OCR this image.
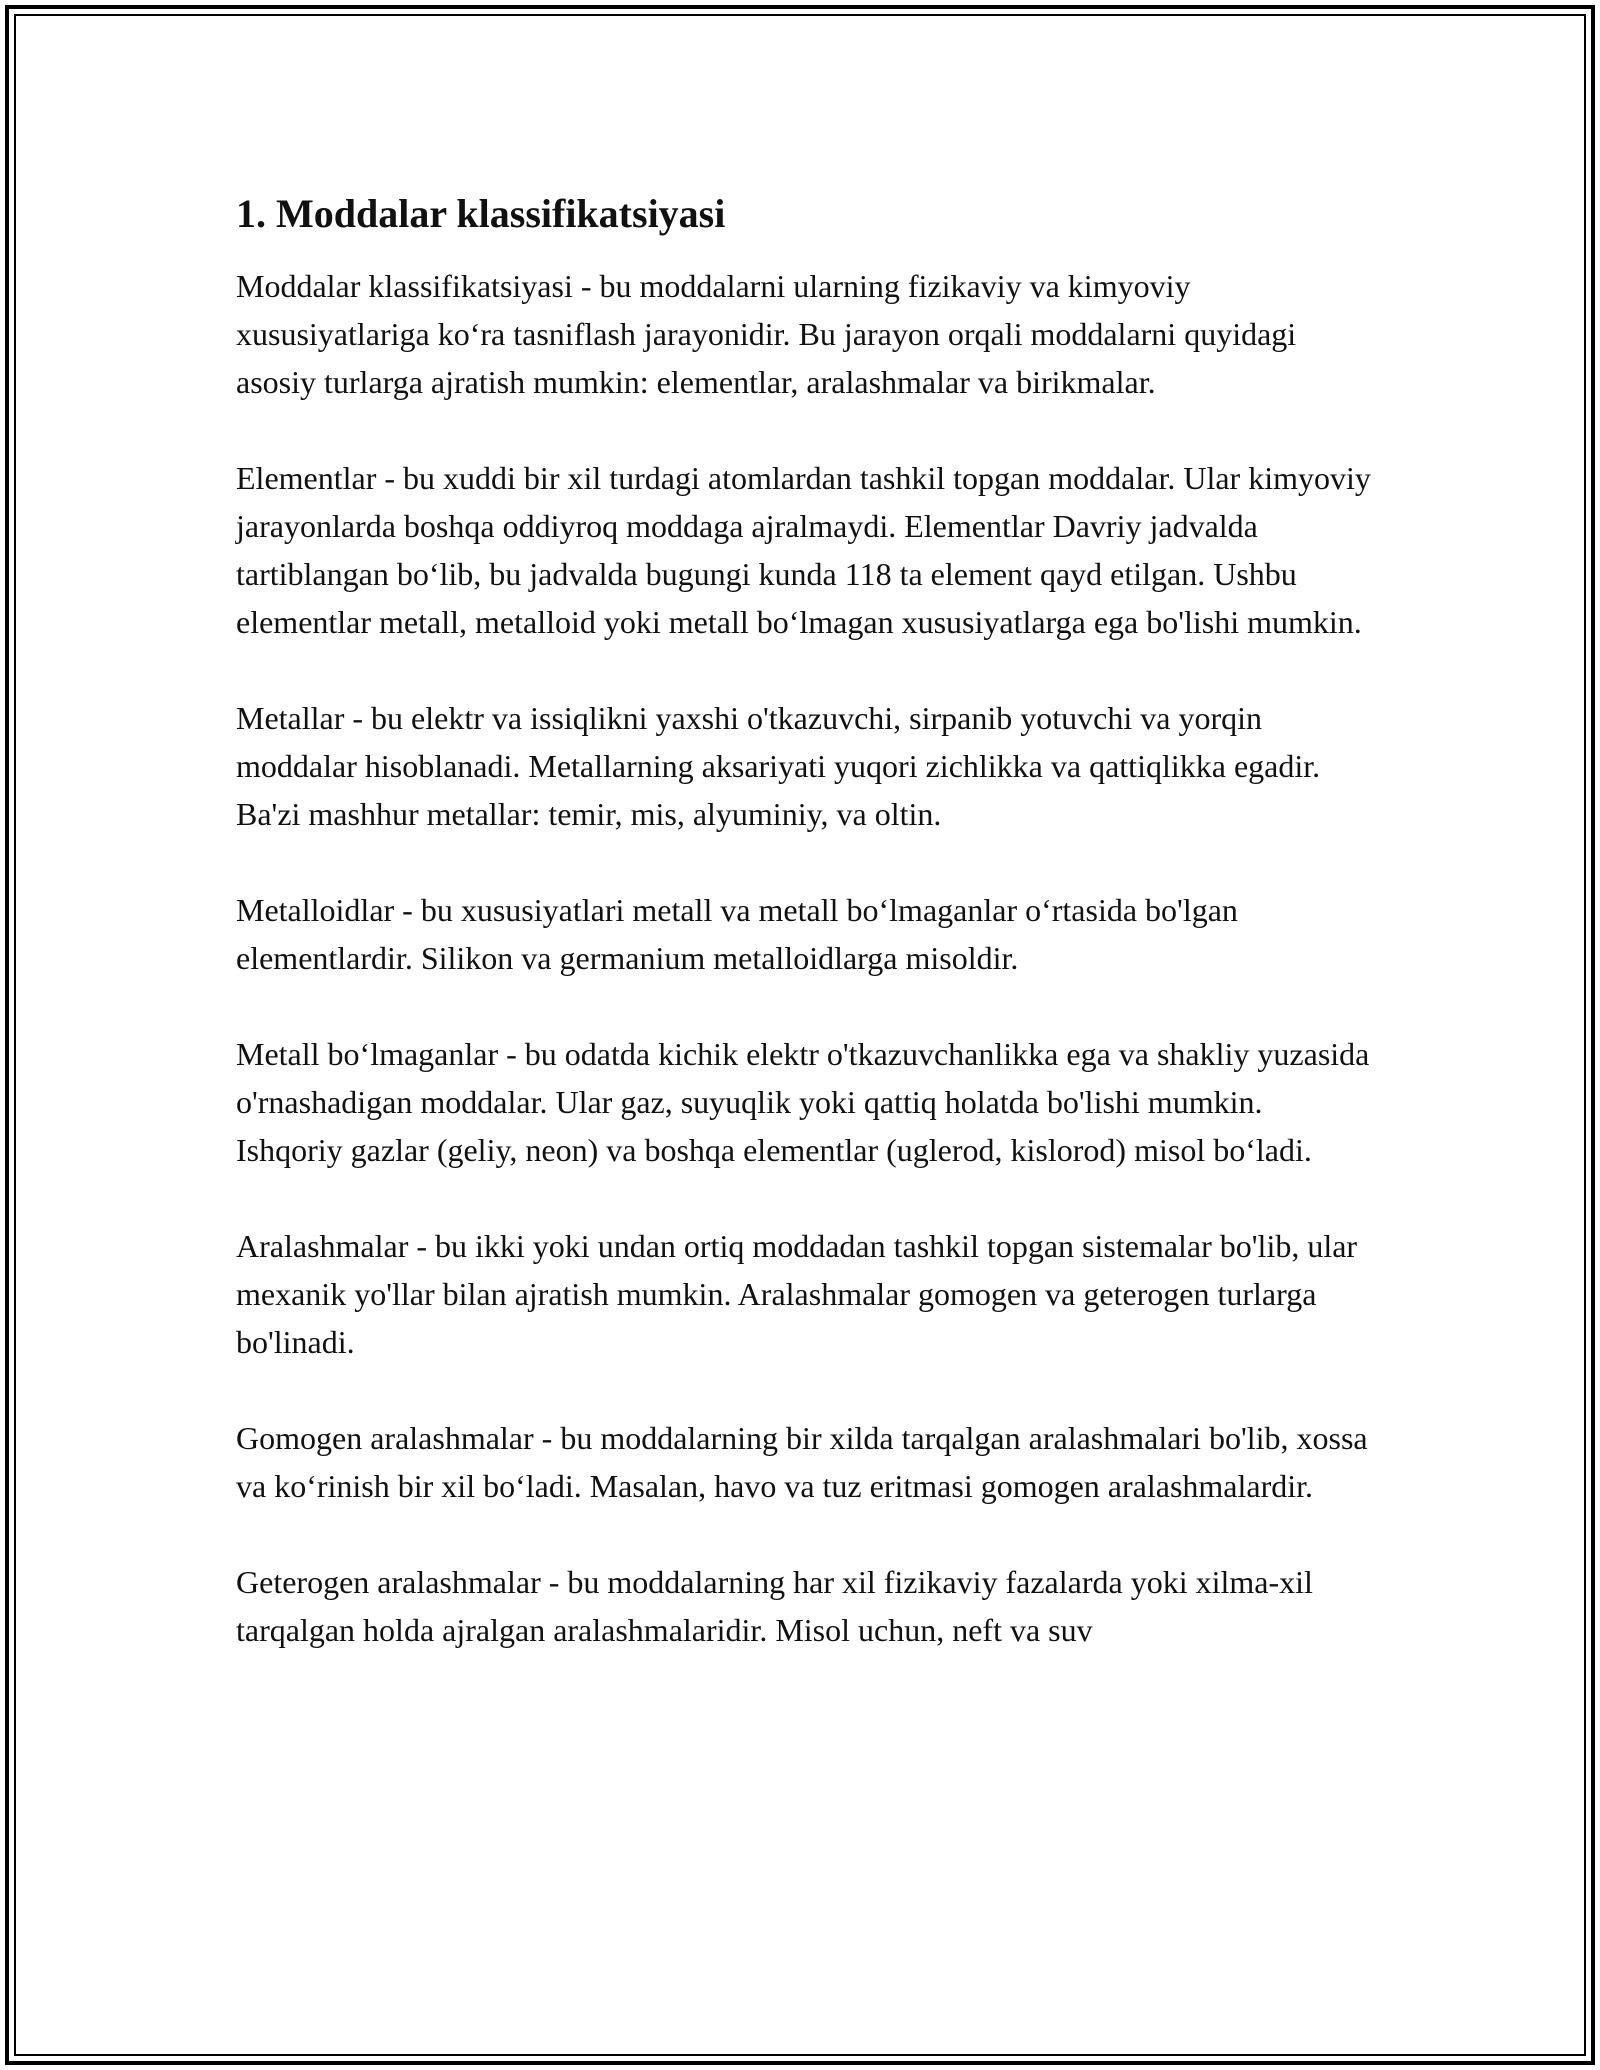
1. Moddalar klassifikatsiyasi

Moddalar klassifikatsiyasi - bu moddalarni ularning fizikaviy va kimyoviy xususiyatlariga ko‘ra tasniflash jarayonidir. Bu jarayon orqali moddalarni quyidagi asosiy turlarga ajratish mumkin: elementlar, aralashmalar va birikmalar.

Elementlar - bu xuddi bir xil turdagi atomlardan tashkil topgan moddalar. Ular kimyoviy jarayonlarda boshqa oddiyroq moddaga ajralmaydi. Elementlar Davriy jadvalda tartiblangan bo‘lib, bu jadvalda bugungi kunda 118 ta element qayd etilgan. Ushbu elementlar metall, metalloid yoki metall bo‘lmagan xususiyatlarga ega bo'lishi mumkin.

Metallar - bu elektr va issiqlikni yaxshi o'tkazuvchi, sirpanib yotuvchi va yorqin moddalar hisoblanadi. Metallarning aksariyati yuqori zichlikka va qattiqlikka egadir. Ba'zi mashhur metallar: temir, mis, alyuminiy, va oltin.

Metalloidlar - bu xususiyatlari metall va metall bo‘lmaganlar o‘rtasida bo'lgan elementlardir. Silikon va germanium metalloidlarga misoldir.

Metall bo‘lmaganlar - bu odatda kichik elektr o'tkazuvchanlikka ega va shakliy yuzasida o'rnashadigan moddalar. Ular gaz, suyuqlik yoki qattiq holatda bo'lishi mumkin. Ishqoriy gazlar (geliy, neon) va boshqa elementlar (uglerod, kislorod) misol bo‘ladi.

Aralashmalar - bu ikki yoki undan ortiq moddadan tashkil topgan sistemalar bo'lib, ular mexanik yo'llar bilan ajratish mumkin. Aralashmalar gomogen va geterogen turlarga bo'linadi.

Gomogen aralashmalar - bu moddalarning bir xilda tarqalgan aralashmalari bo'lib, xossa va ko‘rinish bir xil bo‘ladi. Masalan, havo va tuz eritmasi gomogen aralashmalardir.

Geterogen aralashmalar - bu moddalarning har xil fizikaviy fazalarda yoki xilma-xil tarqalgan holda ajralgan aralashmalaridir. Misol uchun, neft va suv
